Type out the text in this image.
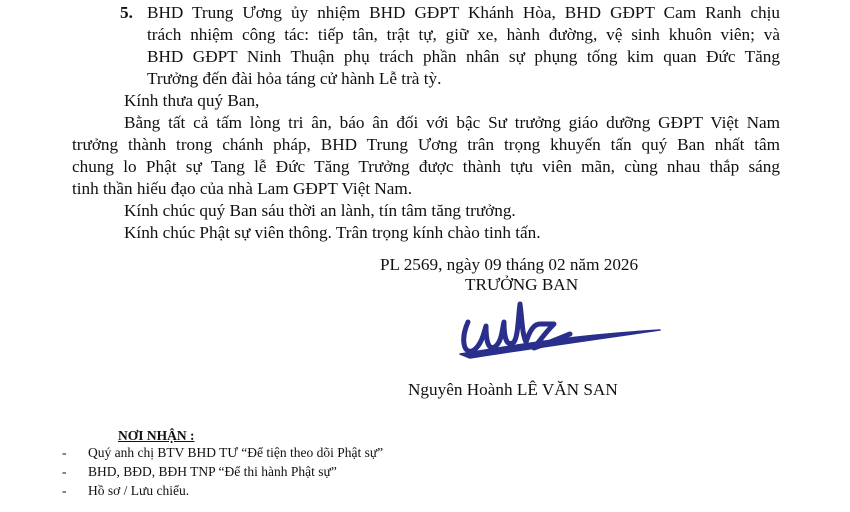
5. BHD Trung Ương ủy nhiệm BHD GĐPT Khánh Hòa, BHD GĐPT Cam Ranh chịu
trách nhiệm công tác: tiếp tân, trật tự, giữ xe, hành đường, vệ sinh khuôn viên; và
BHD GĐPT Ninh Thuận phụ trách phần nhân sự phụng tống kim quan Đức Tăng
Trưởng đến đài hỏa táng cử hành Lễ trà tỳ.
Kính thưa quý Ban,
Bằng tất cả tấm lòng tri ân, báo ân đối với bậc Sư trưởng giáo dưỡng GĐPT Việt Nam
trưởng thành trong chánh pháp, BHD Trung Ương trân trọng khuyến tấn quý Ban nhất tâm
chung lo Phật sự Tang lễ Đức Tăng Trưởng được thành tựu viên mãn, cùng nhau thắp sáng
tinh thần hiếu đạo của nhà Lam GĐPT Việt Nam.
Kính chúc quý Ban sáu thời an lành, tín tâm tăng trưởng.
Kính chúc Phật sự viên thông. Trân trọng kính chào tinh tấn.
PL 2569, ngày 09 tháng 02 năm 2026
TRƯỞNG BAN
Nguyên Hoành LÊ VĂN SAN
NƠI NHẬN :
- Quý anh chị BTV BHD TƯ “Để tiện theo dõi Phật sự”
- BHD, BĐD, BĐH TNP “Để thi hành Phật sự”
- Hồ sơ / Lưu chiểu.
